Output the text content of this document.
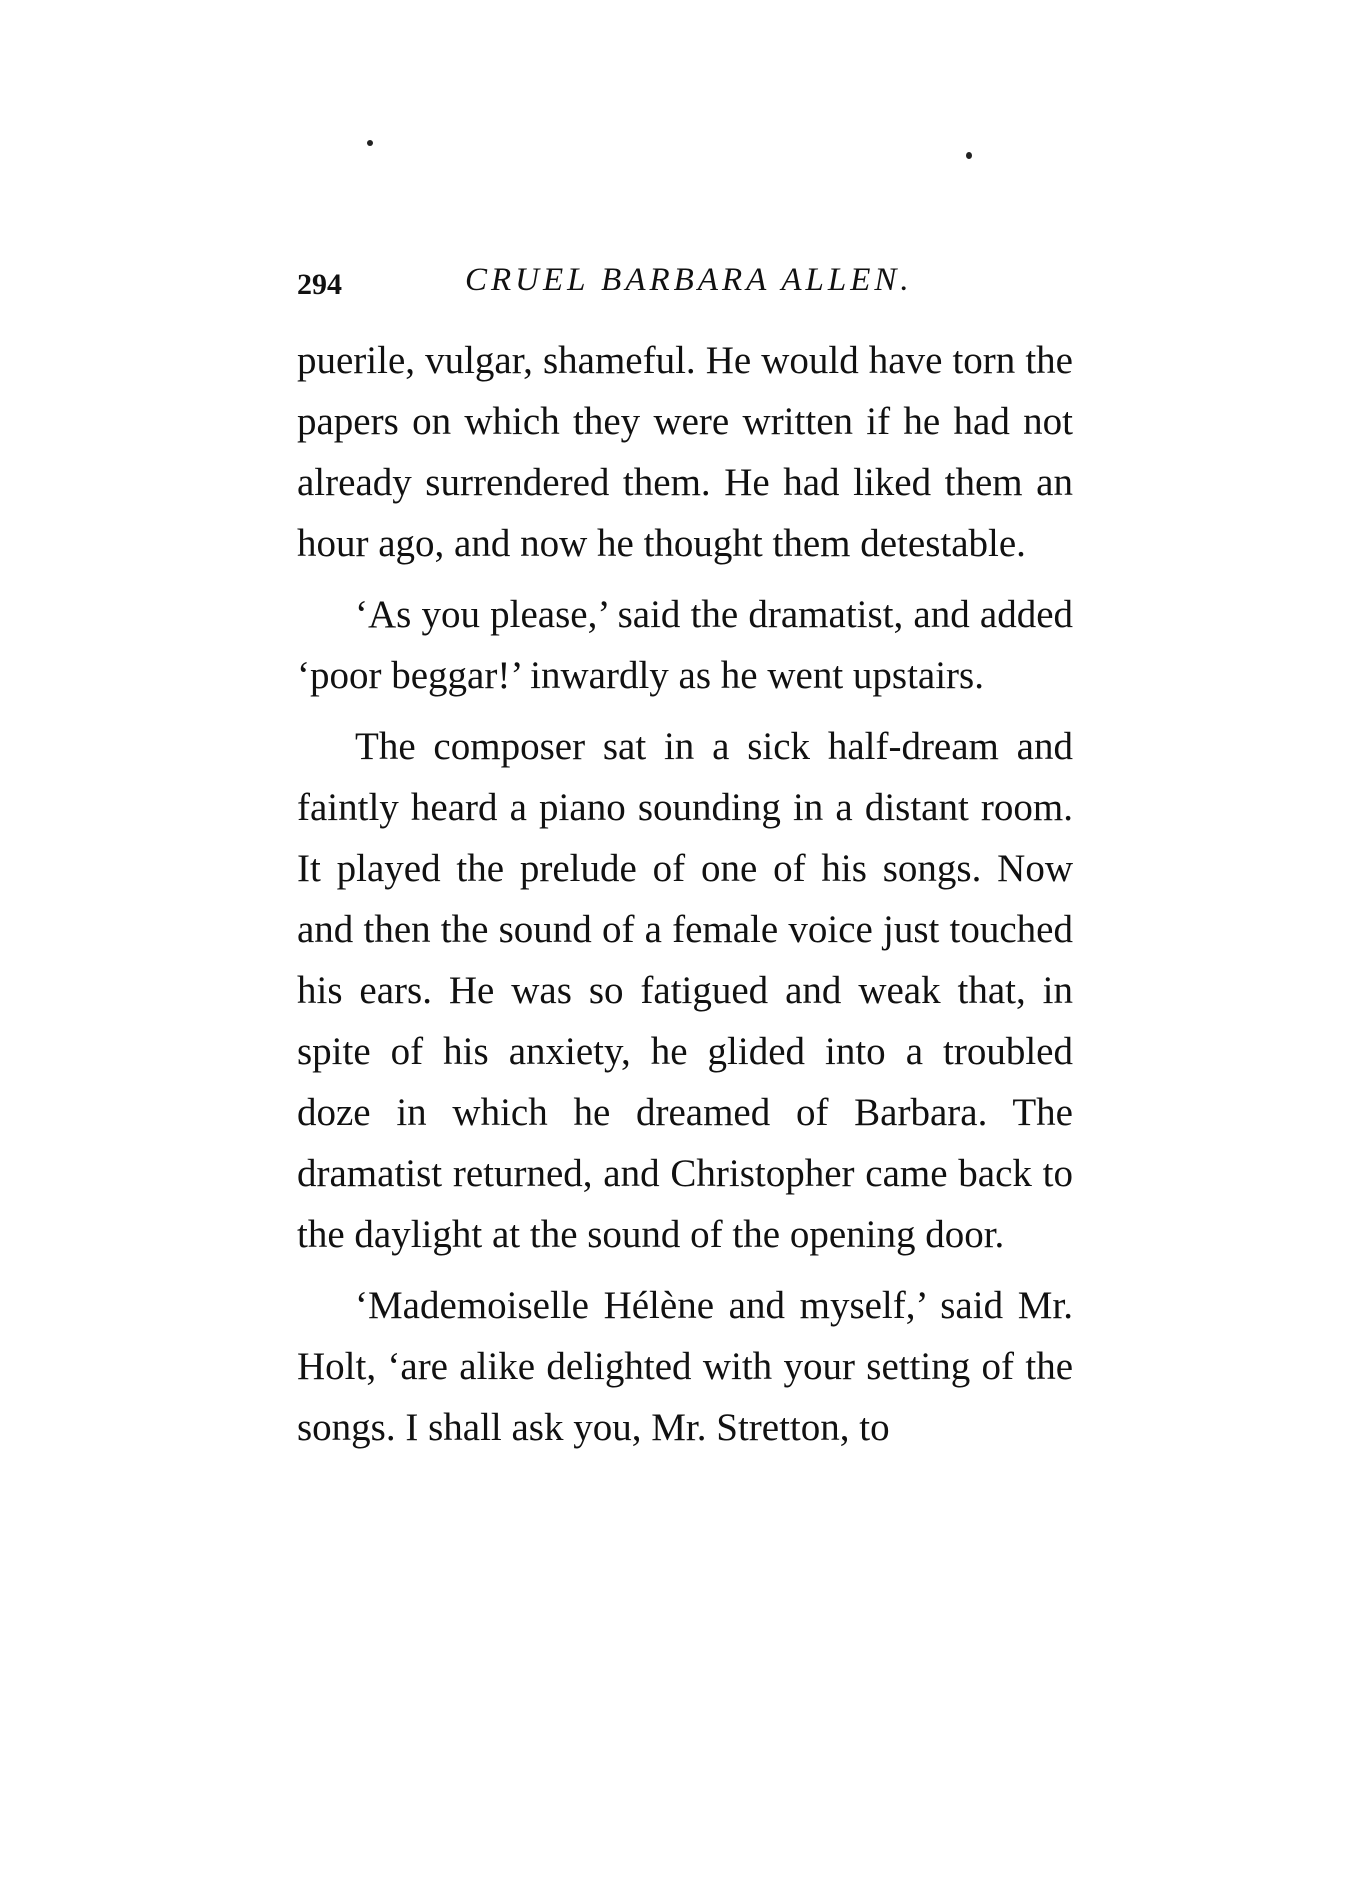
294	CRUEL BARBARA ALLEN.

puerile, vulgar, shameful. He would have torn the papers on which they were written if he had not already surrendered them. He had liked them an hour ago, and now he thought them detestable.

‘As you please,’ said the dramatist, and added ‘poor beggar!’ inwardly as he went upstairs.

The composer sat in a sick half-dream and faintly heard a piano sounding in a distant room. It played the prelude of one of his songs. Now and then the sound of a female voice just touched his ears. He was so fatigued and weak that, in spite of his anxiety, he glided into a troubled doze in which he dreamed of Barbara. The dramatist returned, and Christopher came back to the daylight at the sound of the opening door.

‘Mademoiselle Hélène and myself,’ said Mr. Holt, ‘are alike delighted with your setting of the songs. I shall ask you, Mr. Stretton, to
